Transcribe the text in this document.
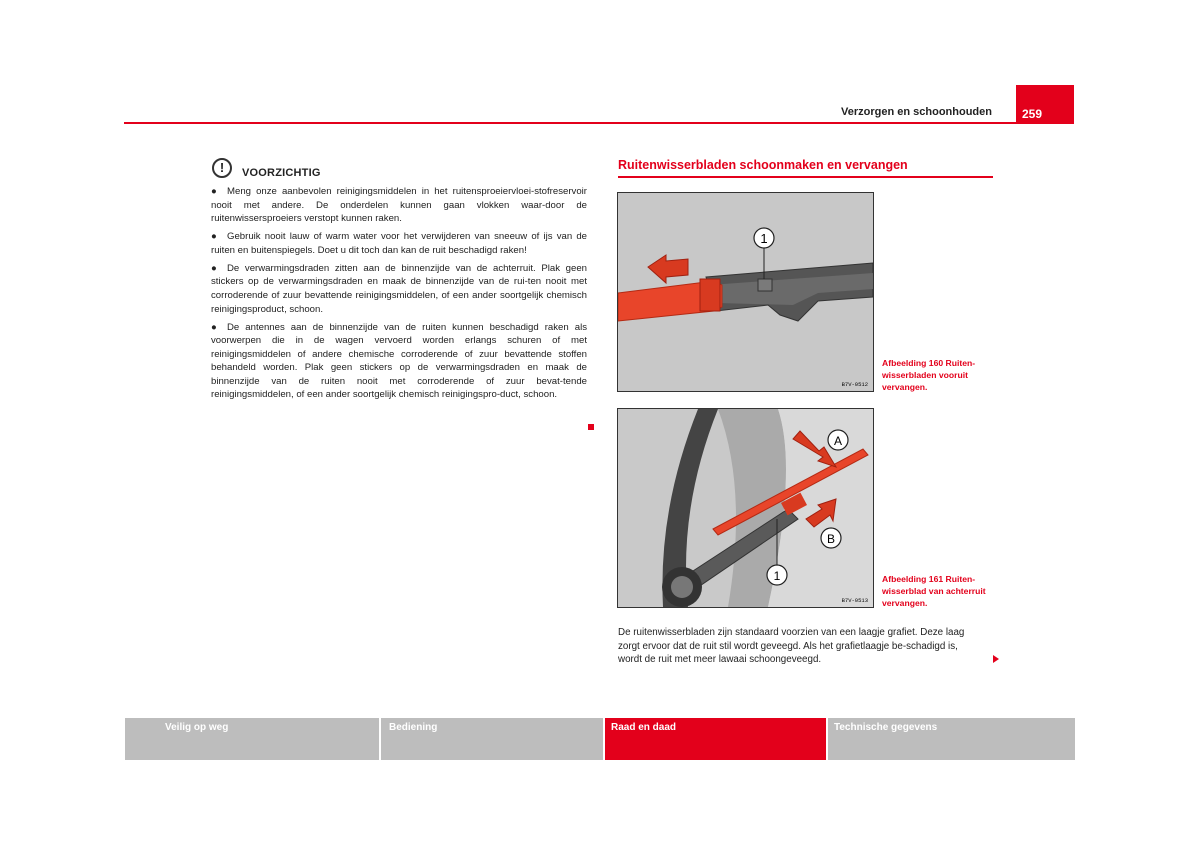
Verzorgen en schoonhouden	259
!	VOORZICHTIG

● Meng onze aanbevolen reinigingsmiddelen in het ruitensproeiervloei-stofreservoir nooit met andere. De onderdelen kunnen gaan vlokken waar-door de ruitenwissersproeiers verstopt kunnen raken.

● Gebruik nooit lauw of warm water voor het verwijderen van sneeuw of ijs van de ruiten en buitenspiegels. Doet u dit toch dan kan de ruit beschadigd raken!

● De verwarmingsdraden zitten aan de binnenzijde van de achterruit. Plak geen stickers op de verwarmingsdraden en maak de binnenzijde van de rui-ten nooit met corroderende of zuur bevattende reinigingsmiddelen, of een ander soortgelijk chemisch reinigingsproduct, schoon.

● De antennes aan de binnenzijde van de ruiten kunnen beschadigd raken als voorwerpen die in de wagen vervoerd worden erlangs schuren of met reinigingsmiddelen of andere chemische corroderende of zuur bevattende stoffen behandeld worden. Plak geen stickers op de verwarmingsdraden en maak de binnenzijde van de ruiten nooit met corroderende of zuur bevat-tende reinigingsmiddelen, of een ander soortgelijk chemisch reinigingspro-duct, schoon.

Ruitenwisserbladen schoonmaken en vervangen
1
B7V-0512
Afbeelding 160 Ruiten-wisserbladen vooruit vervangen.
A
B
1
B7V-0513
Afbeelding 161 Ruiten-wisserblad van achterruit vervangen.
De ruitenwisserbladen zijn standaard voorzien van een laagje grafiet. Deze laag zorgt ervoor dat de ruit stil wordt geveegd. Als het grafietlaagje be-schadigd is, wordt de ruit met meer lawaai schoongeveegd.
Veilig op weg	Bediening	Raad en daad	Technische gegevens
